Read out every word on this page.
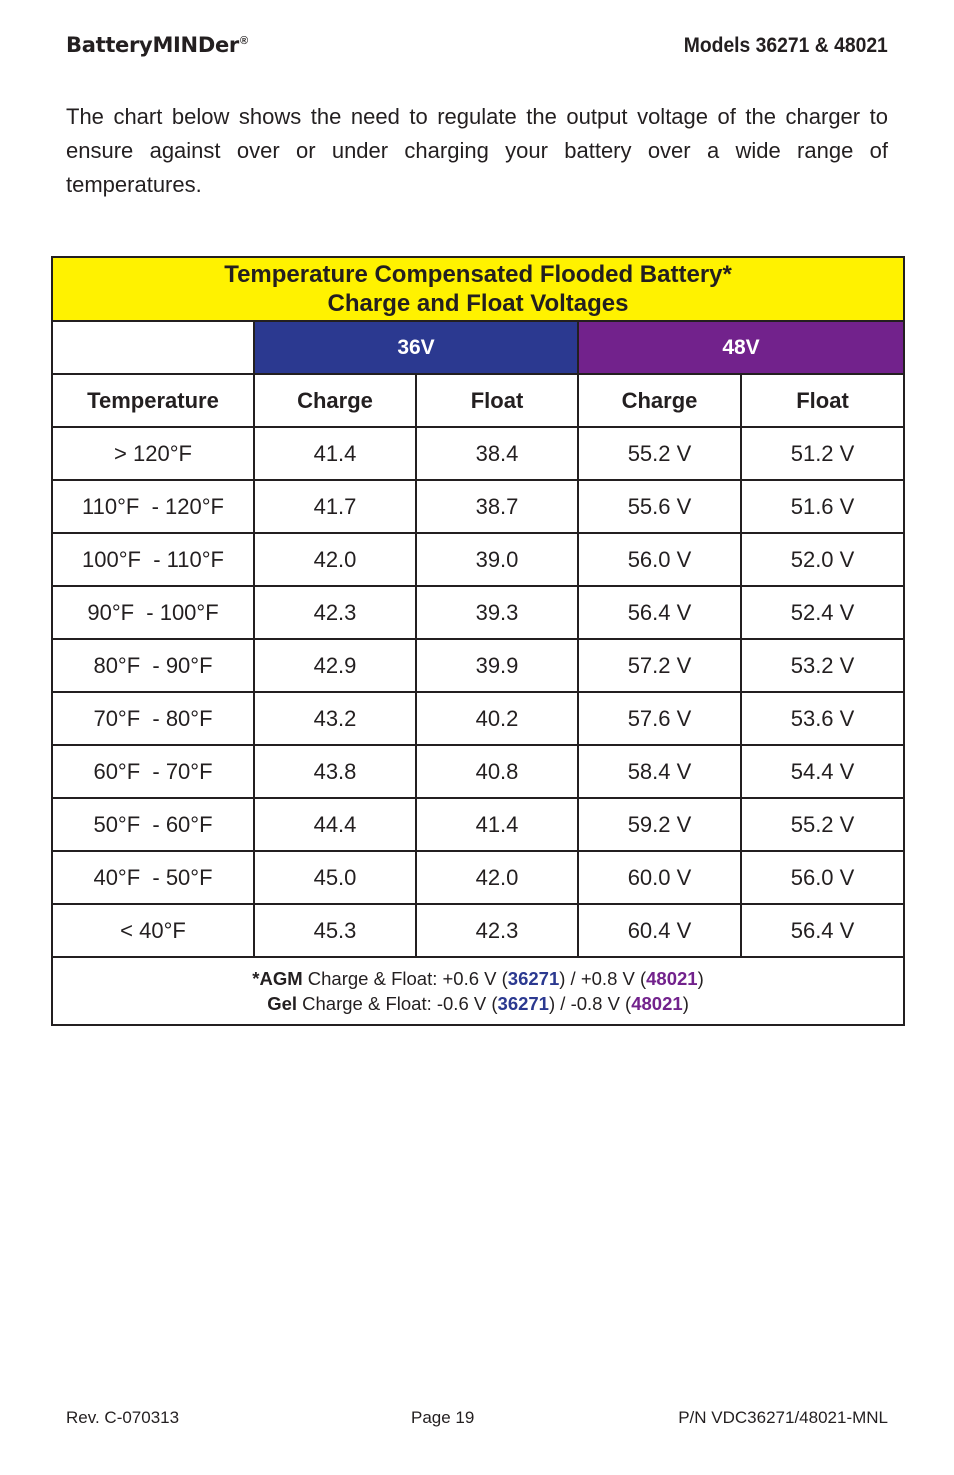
BatteryMINDer®	Models 36271 & 48021

The chart below shows the need to regulate the output voltage of the charger to ensure against over or under charging your battery over a wide range of temperatures.

Temperature Compensated Flooded Battery*
Charge and Float Voltages				

	36V		48V	
Temperature	Charge	Float	Charge	Float
> 120°F	41.4	38.4	55.2 V	51.2 V
110°F  - 120°F	41.7	38.7	55.6 V	51.6 V
100°F  - 110°F	42.0	39.0	56.0 V	52.0 V
90°F  - 100°F	42.3	39.3	56.4 V	52.4 V
80°F  - 90°F	42.9	39.9	57.2 V	53.2 V
70°F  - 80°F	43.2	40.2	57.6 V	53.6 V
60°F  - 70°F	43.8	40.8	58.4 V	54.4 V
50°F  - 60°F	44.4	41.4	59.2 V	55.2 V
40°F  - 50°F	45.0	42.0	60.0 V	56.0 V
< 40°F	45.3	42.3	60.4 V	56.4 V

*AGM Charge & Float: +0.6 V (36271) / +0.8 V (48021)
Gel Charge & Float: -0.6 V (36271) / -0.8 V (48021)				
Rev. C-070313	Page 19	P/N VDC36271/48021-MNL
